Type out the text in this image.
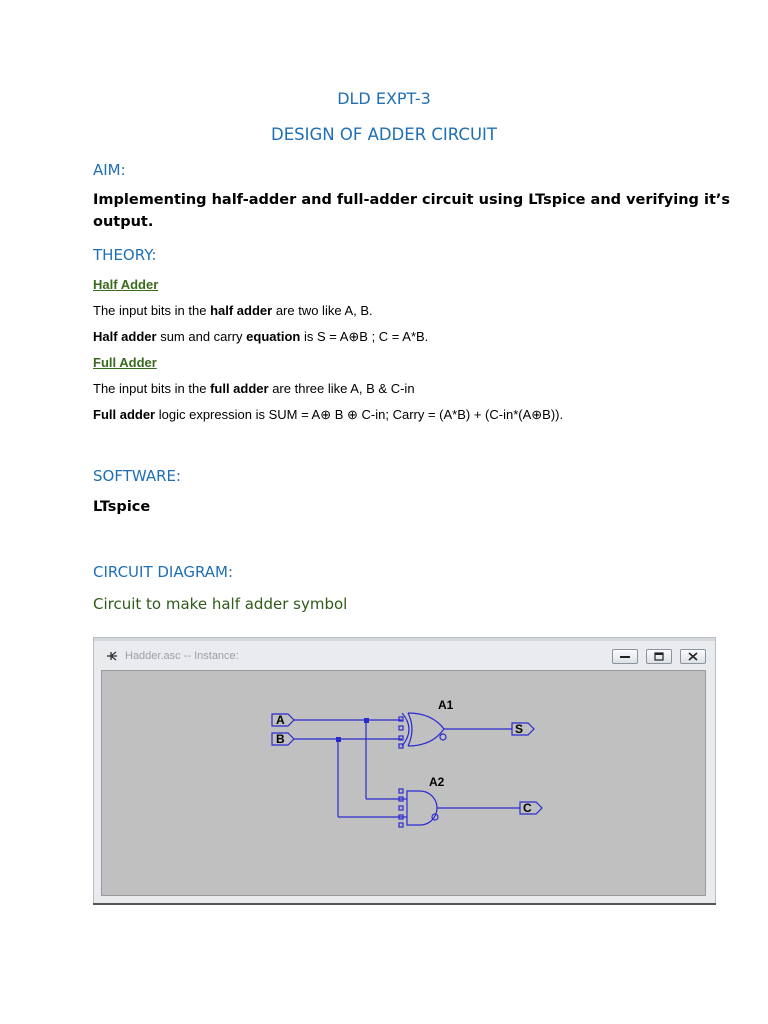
DLD EXPT-3
DESIGN OF ADDER CIRCUIT
AIM:
Implementing half-adder and full-adder circuit using LTspice and verifying it’s
output.
THEORY:
Half Adder
The input bits in the half adder are two like A, B.
Half adder sum and carry equation is S = A⊕B ; C = A*B.
Full Adder
The input bits in the full adder are three like A, B & C-in
Full adder logic expression is SUM = A⊕ B ⊕ C-in; Carry = (A*B) + (C-in*(A⊕B)).
SOFTWARE:
LTspice
CIRCUIT DIAGRAM:
Circuit to make half adder symbol
Hadder.asc -- Instance:
A
B
A1
A2
S
C
